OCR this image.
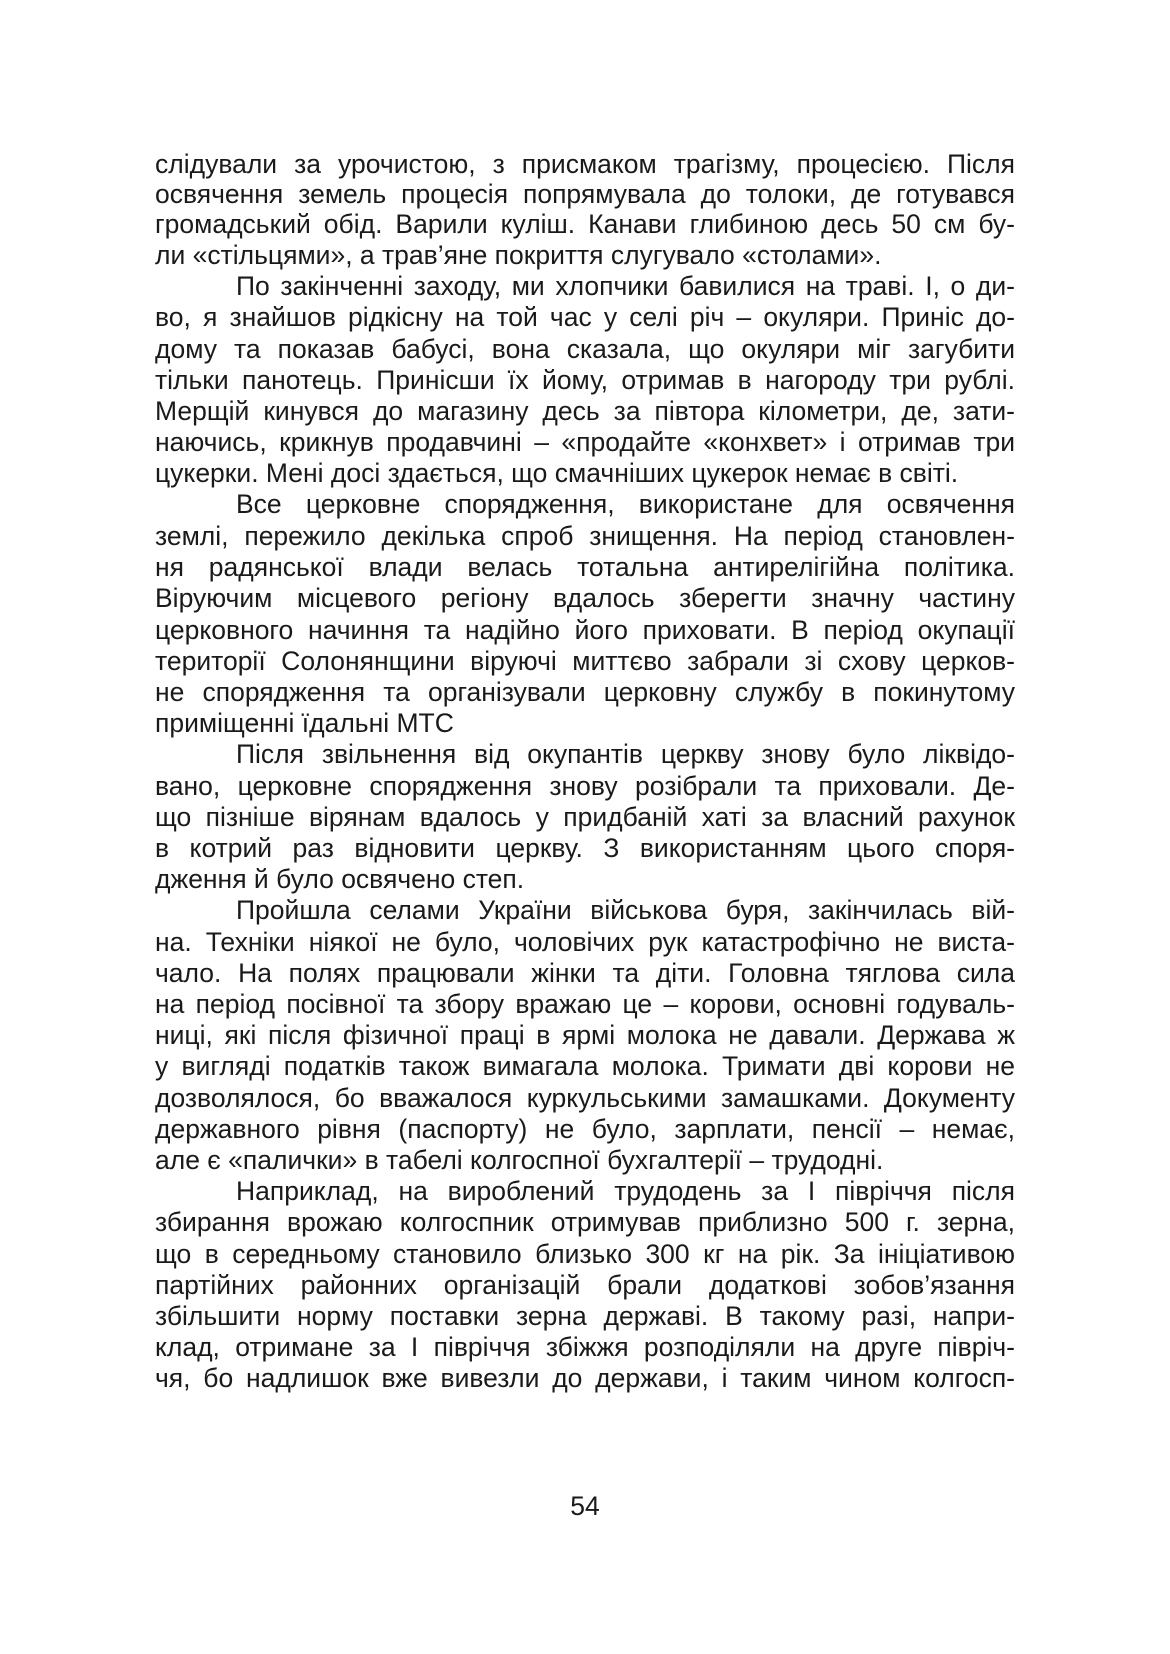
слідували за урочистою, з присмаком трагізму, процесією. Після
освячення земель процесія попрямувала до толоки, де готувався
громадський обід. Варили куліш. Канави глибиною десь 50 см бу-
ли «стільцями», а трав’яне покриття слугувало «столами».
По закінченні заходу, ми хлопчики бавилися на траві. І, о ди-
во, я знайшов рідкісну на той час у селі річ – окуляри. Приніс до-
дому та показав бабусі, вона сказала, що окуляри міг загубити
тільки панотець. Принісши їх йому, отримав в нагороду три рублі.
Мерщій кинувся до магазину десь за півтора кілометри, де, зати-
наючись, крикнув продавчині – «продайте «конхвет» і отримав три
цукерки. Мені досі здається, що смачніших цукерок немає в світі.
Все церковне спорядження, використане для освячення
землі, пережило декілька спроб знищення. На період становлен-
ня радянської влади велась тотальна антирелігійна політика.
Віруючим місцевого регіону вдалось зберегти значну частину
церковного начиння та надійно його приховати. В період окупації
території Солонянщини віруючі миттєво забрали зі схову церков-
не спорядження та організували церковну службу в покинутому
приміщенні їдальні МТС
Після звільнення від окупантів церкву знову було ліквідо-
вано, церковне спорядження знову розібрали та приховали. Де-
що пізніше вірянам вдалось у придбаній хаті за власний рахунок
в котрий раз відновити церкву. З використанням цього споря-
дження й було освячено степ.
Пройшла селами України військова буря, закінчилась вій-
на. Техніки ніякої не було, чоловічих рук катастрофічно не виста-
чало. На полях працювали жінки та діти. Головна тяглова сила
на період посівної та збору вражаю це – корови, основні годуваль-
ниці, які після фізичної праці в ярмі молока не давали. Держава ж
у вигляді податків також вимагала молока. Тримати дві корови не
дозволялося, бо вважалося куркульськими замашками. Документу
державного рівня (паспорту) не було, зарплати, пенсії – немає,
але є «палички» в табелі колгоспної бухгалтерії – трудодні.
Наприклад, на вироблений трудодень за І півріччя після
збирання врожаю колгоспник отримував приблизно 500 г. зерна,
що в середньому становило близько 300 кг на рік. За ініціативою
партійних районних організацій брали додаткові зобов’язання
збільшити норму поставки зерна державі. В такому разі, напри-
клад, отримане за І півріччя збіжжя розподіляли на друге півріч-
чя, бо надлишок вже вивезли до держави, і таким чином колгосп-
54
